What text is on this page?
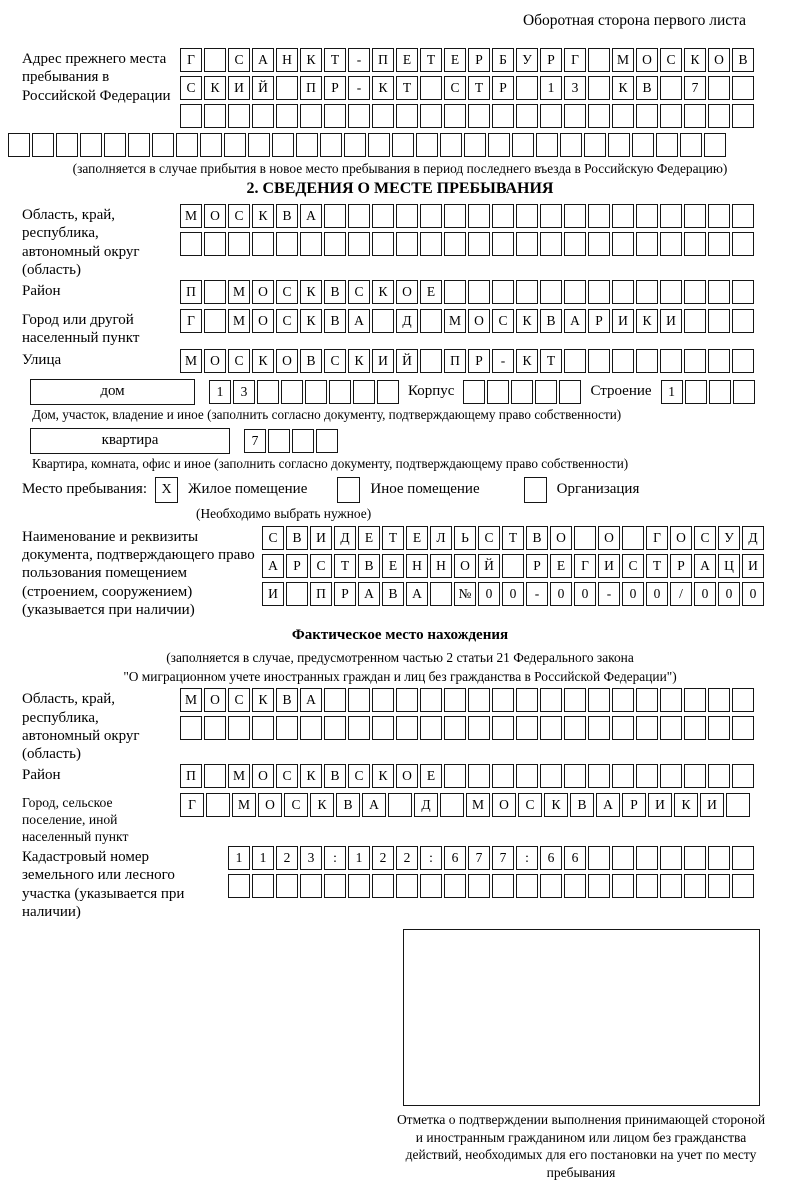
Оборотная сторона первого листа
Адрес прежнего места пребывания в Российской Федерации
Г	С	А	Н	К	Т	-	П	Е	Т	Е	Р	Б	У	Р	Г	М О	С	К	О	В
С	К	И	Й	П	Р	-	К	Т	С	Т	Р	1	3	К	В	7
(заполняется в случае прибытия в новое место пребывания в период последнего въезда в Российскую Федерацию)
2. СВЕДЕНИЯ О МЕСТЕ ПРЕБЫВАНИЯ
Область, край, республика, автономный округ (область)
М О	С	К	В	А
Район	П	М О	С	К	В	С	К	О	Е
Город или другой населенный пункт
Г	М О	С	К	В	А	Д	М О	С	К	В	А	Р	И	К	И
Улица	М О	С	К	О	В	С	К	И	Й	П	Р	-	К	Т
дом	1	3	Корпус	Строение	1
Дом, участок, владение и иное (заполнить согласно документу, подтверждающему право собственности)
квартира	7
Квартира, комната, офис и иное (заполнить согласно документу, подтверждающему право собственности)
Место пребывания:	X	Жилое помещение	Иное помещение	Организация
(Необходимо выбрать нужное)
Наименование и реквизиты документа, подтверждающего право пользования помещением (строением, сооружением) (указывается при наличии)
С	В	И	Д	Е	Т	Е	Л	Ь	С	Т	В	О	О	Г	О	С	У	Д
А	Р	С	Т	В	Е	Н	Н	О	Й	Р	Е	Г	И	С	Т	Р	А	Ц	И
И	П	Р	А	В	А	№	0	0	-	0	0	-	0	0	/	0	0	0
Фактическое место нахождения
(заполняется в случае, предусмотренном частью 2 статьи 21 Федерального закона
"О миграционном учете иностранных граждан и лиц без гражданства в Российской Федерации")
Область, край, республика, автономный округ (область)
М О	С	К	В	А
Район	П	М О	С	К	В	С	К	О	Е
Город, сельское поселение, иной населенный пункт
Г	М	О	С	К	В	А	Д	М	О	С	К	В	А	Р	И	К	И
Кадастровый номер земельного или лесного участка (указывается при наличии)
1	1	2	3	:	1	2	2	:	6	7	7	:	6	6
Отметка о подтверждении выполнения принимающей стороной и иностранным гражданином или лицом без гражданства действий, необходимых для его постановки на учет по месту пребывания
